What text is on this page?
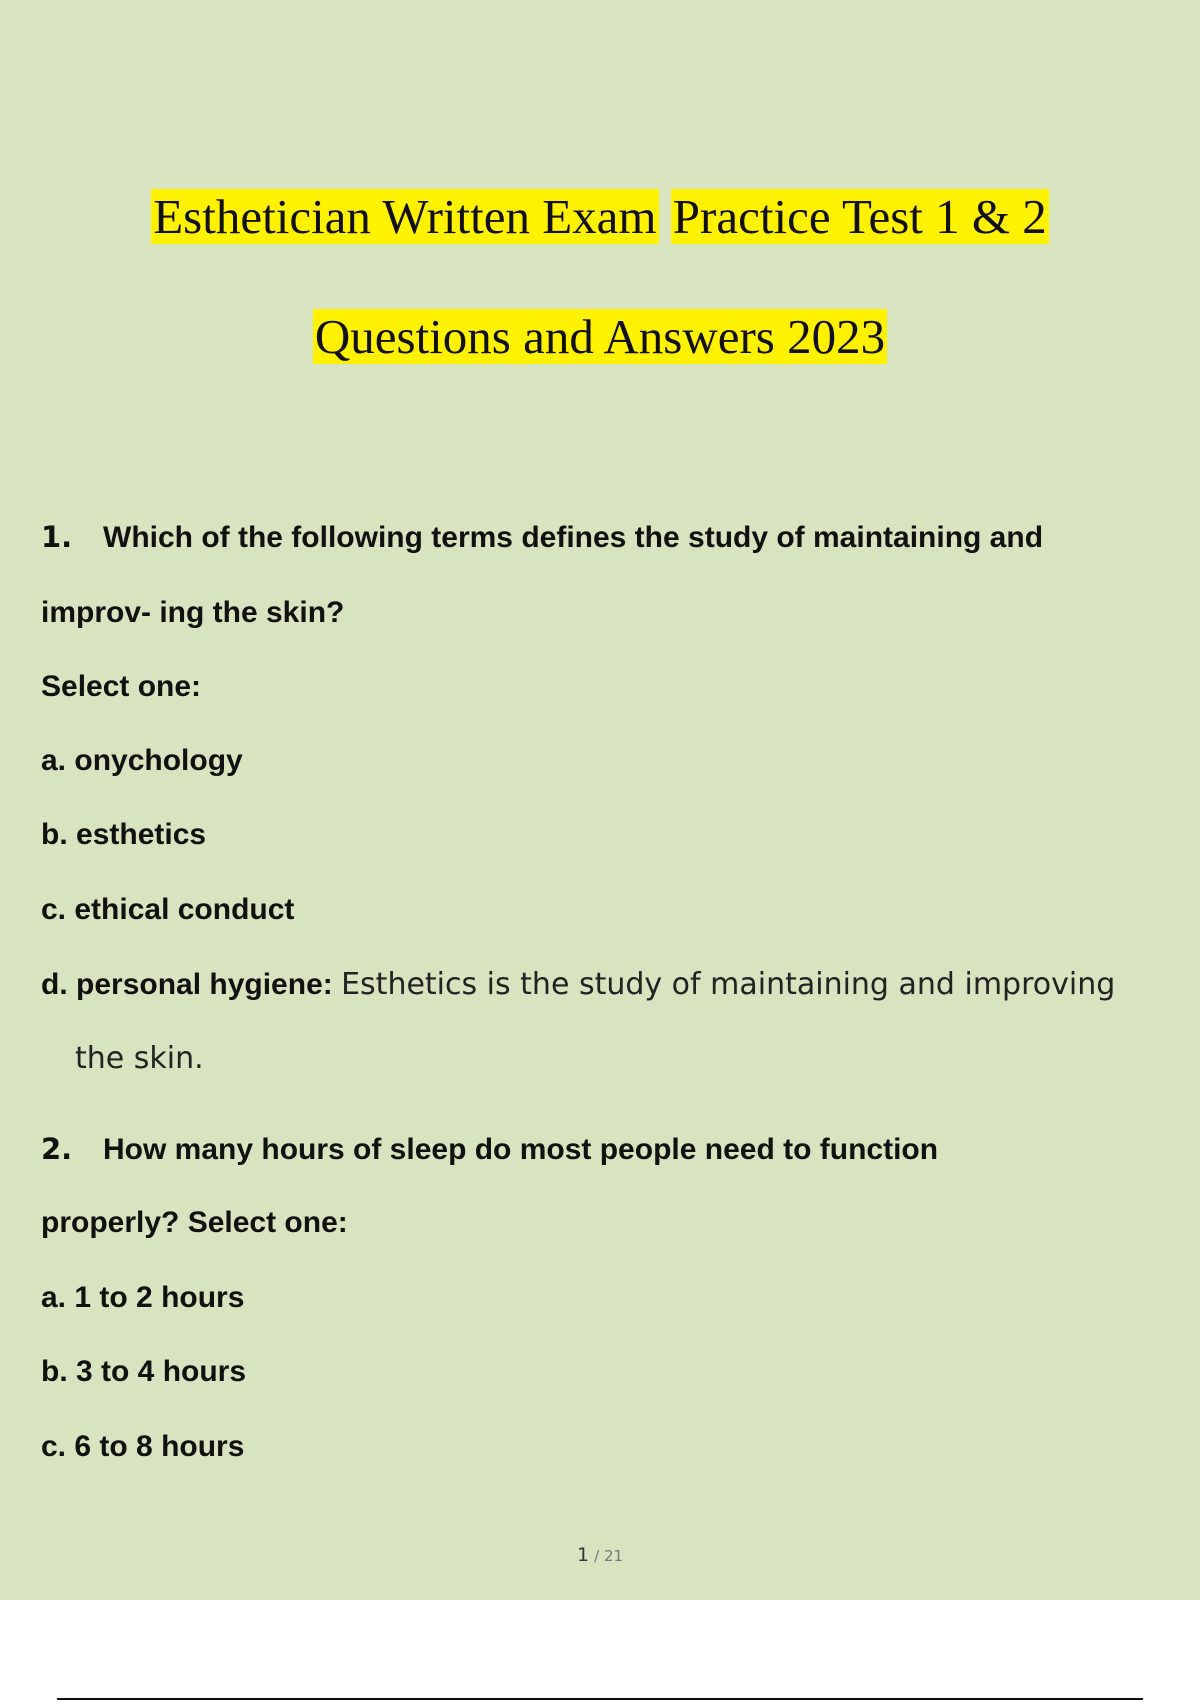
Esthetician Written Exam Practice Test 1 & 2
Questions and Answers 2023
1. Which of the following terms defines the study of maintaining and
improv- ing the skin?
Select one:
a. onychology
b. esthetics
c. ethical conduct
d. personal hygiene: Esthetics is the study of maintaining and improving
the skin.
2. How many hours of sleep do most people need to function
properly? Select one:
a. 1 to 2 hours
b. 3 to 4 hours
c. 6 to 8 hours
1 / 21
